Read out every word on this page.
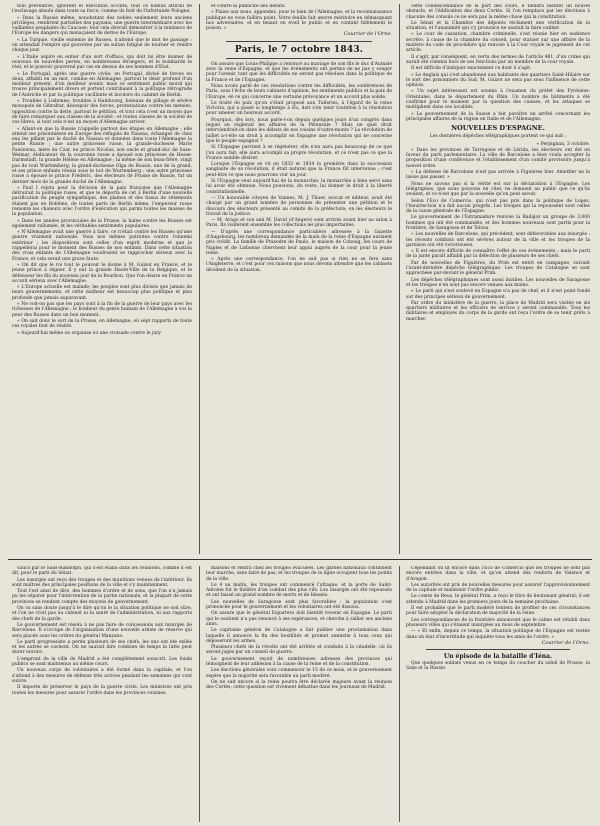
tion préventive, ignorent et exécution occulte, tout ce hideux attirail de l'esclavage absolu dans toute sa force, comme ils font de l'infortunée Pologne.

« Dans la Russie même, nonobstant des nobles seulement leurs anciens priviléges, rendirent partielles des paysans, une guerre intermédiaire avec les vaillantes peuplades du Caucase; tout cela devrait démontrer à la tendance de l'Europe les dangers qui menaçaient de dettes de l'Europe.

« La Turquie, vieille ennemie de Russes, n'attend que le mot de passage : on attendait l'empire qui gouverne par un sultan fatigué de tourner et rendre chaque jour.

« L'Italie aspire en entier d'un sort d'efface, qui doit lui être donner de nouveau de nouvelles pertes, en nombreuses étrangers, et le bombarde le réel, et le pouvoir gouverné par ces en dessus de ses hommes d'Etat.

« Le Portugal, après une guerre civile; en Portugal, divisé de forces en deux, affaibli en un mot, comme en Allemagne, partout le désir profond d'un meilleur présent, d'un meilleur avenir, mais ce sentiment public moral qui trouve principalement divers et portent contribuant à la politique rétrograde de l'Autriche et par la politique vacillante et incolore du cabinet de Berlin.

« Troubles à Lisbonne, troubles à Hambourg, bateaux de pillage et sévère monopole de Gibraltar, désespoir des forces, protestations contre les menées, opposition contre la dette, partout le pétition, et tout cela n'est un moyen que de faire remarquer aux classes de la société : et toutes classes de la société de vos libres, si tout cela n'est un moyen d'Allemagne arriver.

« Allant-on que la Russie n'appelle partout des étapes en Allemagne ; elle attend ses prisonnières en Europe des réfugiés de Nassau, échanges de chez eux les pillant par le duché de Nassau et données dans toute l'Allemagne la petite Russie ; une autre princesse russe, la grande-duchesse Marie Pawlowna, mère du Czar, ne prince Nicolas, son oncle et grand-duc de Saxe-Weimar, Abdicateur de la couronne russe a épousé son princesse de Hesse-Darmstadt, la grande Hélène en Allemagne ; la même de son beau-frère, vingt pas de tout Wurtemberg; la grand-duchesse Olga de Russie, une de la grand, et ses prince enfants réunis sous le toit de Wurtemberg ; une autre princesse russe a épousé le prince Frédéric, des électeurs de Prusse de Russie, fut un dernier mois de la grande duché de l'Allemagne.

« Paul I rejeta pour la décision de la paix française que l'Allemagne détruirait la politique russe, et que le déporta de cet à Berlin d'une nouvelle pacification du peuple sympathique, des plaines et des tissus de vêtements étaient pas en Bohême, de toutes parts de Berlin même, l'empereur russe remonte les chaleurs avec l'ordre d'exécution qui parmi toutes les masses de la population.

« Dans les années provinciales de la Prusse, la haine contre les Russes est également rallumée, et les véritables sentiments populaires.

« N'Allemagne avait une guerre à faire, ce n'était contre les Russes qu'une guerre vraiment nationale. Vous nos mêmes patriotes contre l'ennemi extérieur ; les dispositions sont celles d'un esprit moderne et que je rappellerai pour le moment des Russes de nos enfants. Dans cette situation des vrais enfants de l'Allemagne voudraient se rapprocher sérieux avec la France, et cela serait une grave faute.

« On dit que le roi tout le pouvoir le donne à M. Guizot en France, et le jeune prince à régner. Il y eut la grande Haute-Ville de la Belgique, et le défenseur les fils du nouveau jour de la Bourbon. Que l'on désire en France un accord sérieux avec l'Allemagne.

« L'Europe actuelle est malade; les peuples sont plus divisés que jamais de leurs gouvernements, et cette malheur est beaucoup plus politique et plus profonde que jamais auparavant.

« Ne voit-on pas que les pays sont à la fin de la guerre de leur pays avec les richesses de l'Allemagne ; le bonheur du genre humain de l'Allemagne à vos la peur des Russes dans un bon moment.

« On sait donc le sort de la Prusse, en Allemagne, où sept rapports de toute ces royales font de réalité.

« Aujourd'hui même on organise ici une croisade contre le jury

et contre la publicité des débats.

« Plaise aux nous, appendez, pour le bien de l'Allemagne, et la reconnaissance publique ne vous faillira point. Votre feuille fait œuvre méritoire en démasquant nos adversaires, et en tenant en éveil le public et en contant fidèlement le poison. »

Courrier de l'Orne.
Paris, le 7 octobre 1843.

On assure que Louis-Philippe a renoncé au mariage de son fils le duc d'Aumale avec la reine d'Espagne, et que les événements ont permis de ne pas y songer pour l'avenir, tant que les difficultés ne seront pas résolues dans la politique de la France et de l'Espagne.

Nous avons parlé de ces résolutions contre les difficultés, les conférences de Paris, sous l'écho de leurs cabinets d'opinion, les sentiments publics et la paix de l'Europe, en ce qui concerne une certaine prévoyance et un accord plus solide.

Le traité de paix qu'on s'était proposé aux Tuileries, à l'égard de la reine Victoria, qui a passé si longtemps à Eu, doit s'en tenir toutefois à la résolution pour amener un heureux accord.

Pourquoi, dès lors, nous parle-t-on depuis quelques jours d'un congrès dans lequel on réglerait les affaires de la Péninsule ? Mais ne quel droit interviendrait-on dans les débats de nos voisins d'outre-monts ? La révolution de juillet a-t-elle un droit à accomplir en Espagne une révolution qui ne concerne que le peuple espagnol ?

Si l'Espagne parvient à se régénérer, elle n'en aura pas beaucoup de ce que l'on aura fait; elle aura accompli sa propre révolution, et ce n'est pas ce que la France semble désirer.

Lorsque l'Espagne se vit en 1833 et 1834 la première dans la succession sanglante de sa révolution, il était naturel que la France fût intervenue ; c'est peut-être ce que nous pourrons voir un jour.

Si l'Espagne veut aujourd'hui de la monarchie, la monarchie a bien servi sans lui avoir été obtenue. Nous pouvions, du reste, lui donner le droit à la liberté constitutionnelle.

— Un honorable citoyen de Vannes, M. J. Thuer, avocat et éditeur, avait été chargé par un grand nombre de personnes de présenter une pétition et le discours des électeurs présenté au comité de la préfecture; on les électeurs le travail de la justice.

— M. Arago et son ami M. David (d'Angers) sont arrivés avant hier au salon à Paris. Ils visitèrent ensemble les collections les plus importantes.

— D'après une correspondance particulière adressée à la Gazette d'Augsbourg, les nombreux demandés de la main de la reine d'Espagne auraient pris crédit. La famille de Praxedre de Paulo, le maison de Coboug, les cours de Naples et de Lisbonne cherchent leur appui auprès de la cour pour la jeune reine.

« Après une correspondance, l'on ne sait pas si rien ne se fera sans l'Angleterre, et c'est pour ces raisons que nous devons attendre que les cabinets décident de la situation.

cette condescendance de la part des cours, il tiendra bientôt un nouvel obstacle, et l'édification des deux Cortès. Si l'on remplace par les élections à chacune des consuls ce ne sera pas la même chose qui la constitution.

Le Sénat et la Chambre des députés réclament une vérification de la situation, et l'unanimité qui s'y prononce ne saurait la faire oublier.

« Le cour de cassation, chambre criminelle, s'est réunie hier en audience secrète, à cause de la chambre du conseil, pour statuer sur une affaire de la matière du code de procédure qui renvoie à la Cour royale le jugement de cet article.

Il s'agit, par conséquent, en vertu des termes de l'article 481, d'un crime qui aurait été commis hors de ses fonctions par un membre de la cour royale.

Il est difficile d'indiquer exactement ce dont il s'agit.

« Le Anglais qui s'est abandonné aux habitants des quartiers Saint-Hilaire sur le sort des prisonniers du Sud, M. Guizot ne sera pas sous l'influence de cette opinion.

« Un sujet intéressant est soumis à l'examen du préfet des Pyrénées-Orientales, dans le département du Rhin. Un nombre de bâtiments a été confirmé pour le moment par la question des caisses, et les attaques se multiplient dans ces localités.

« Le gouvernement de la Suisse a fait paraître un arrêté concernant les principales affaires de la région en Italie et de l'Allemagne.

NOUVELLES D'ESPAGNE.
Les dernières dépêches télégraphiques portent ce qui suit :

« Perpignan, 3 octobre.

« Dans les provinces de Tarragone et de Lérida, les électeurs ont été en faveur du parti parlementaire. La ville de Barcelone a bien voulu accepter la proposition d'une conférence et l'établissement d'un comité provisoire jusqu'à nouvel ordre.

« La défense de Barcelone n'est pas arrivée à Figuières hier. Amettler ne la laisse pas passer. »

Nous ne savons pas si la vérité est sur la déclaration à l'Espagne. Les télégraphes, que nous pouvons en citer, ne donnent au public que ce qu'ils veulent, et ce n'est que par la nouvelle qu'on peut savoir.

Selon l'Eco de Comercio, qui n'est pas pris dans la politique de Lopez, l'insurrection n'a fait aucun progrès. Les troupes qui la repoussent sont celles de la cause générale de l'Espagne.

Le gouvernement de l'Estramadure renvoie la Badajoz un groupe de 3,000 hommes qui ont été commandés, et des hommes nouveaux sont partis pour la frontière, de Saragosse et de Tolosa.

« Les nouvelles de Barcelone, qui précèdent, sont défavorables aux insurgés : les récents combats ont été sévères autour de la ville et les troupes de la garnison ont été victorieuses.

« Il est encore difficile de connaître l'effet de ces événements ; mais le parti de la junte paraît affaibli par la défection de plusieurs de ses chefs.

Par de nouvelles de Figuières, du Prim est entré en campagne, suivant l'avant-dernière dépêche télégraphique. Les troupes de Catalogne se sont approchées par-devant le général Prim.

Les dépêches télégraphiques sont aussi inutiles. Les nouvelles de Saragosse et les troupes n'en sont pas encore venues aux mains.

« Le parti qui s'est soulevé en Espagne n'a pas de chef, et il n'est point fondé sur des principes sérieux de gouvernement.

Par ordre du ministère de la guerre, la place de Madrid sera visitée en six quartiers militaires et les officiers de service y seront commandés. Tous les militaires et employés du corps de la garde ont reçu l'ordre de se tenir prêts à marcher.

vaucs par le Sans-Randolph, qui s'est établi dans les réunions, comme il est dit, pour le parti du Sénat.

Les insurgés ont reçu des troupes et des munitions venues de l'intérieur. Ils sont maîtres des principales positions de la ville et s'y maintiennent.

Tout l'est ainsi de dire, des hommes d'ordre et de sens, que l'on n'a jamais pu les séparer pour l'intervention de la partie nationale, et la plupart de cette provinces se rendent compte des moyens de gouvernement.

On va sans doute jusqu'à le dire qu'on le la situation politique ne soit sûre, et l'on ne croit pas au cabinet ni la santé de l'administration, ni aux rapports des chefs de la garde.

Le gouvernement est résolu à ne pas faire de concessions aux insurgés de Barcelone. Il s'occupe de l'organisation d'une nouvelle armée de réserve qui sera placée sous les ordres du général Manzano.

Le parti progressiste a perdu plusieurs de ses chefs; les uns ont été exilés et les autres se cachent. On ne saurait dire combien de temps la lutte peut durer encore.

L'emprunt de la ville de Madrid a été complètement souscrit. Les fonds publics se sont maintenus au même cours.

Un nouveau corps de volontaires a été formé dans la capitale, et l'on s'attend à des mesures de défense très actives pendant les semaines qui vont suivre.

Il importe de préserver le pays de la guerre civile. Les ministres ont pris toutes les mesures pour assurer l'ordre dans les provinces voisines.

maisons et rentra chez les troupes évacuées. Les gardes nationaux continuent leur marche, sans faire de pas, et les troupes de la ligne occupent tous les points de la ville.

Le 4 au matin, les troupes ont commencé l'attaque, et la porte de Saint-Antoine fut le théâtre d'un combat des plus vifs. Les insurgés ont été repoussés et ont laissé un grand nombre de morts et de blessés.

Les nouvelles de Saragosse sont plus favorables ; la population s'est prononcée pour le gouvernement et les volontaires ont été dissous.

On assure que le général Espartero doit bientôt revenir en Espagne. Le parti qui le soutient n'a pas renoncé à ses espérances, et cherche à rallier ses anciens amis.

Le capitaine général de Catalogne a fait publier une proclamation dans laquelle il annonce la fin des hostilités et promet amnistie à tous ceux qui déposeront les armes.

Plusieurs chefs de la révolte ont été arrêtés et conduits à la citadelle, où ils seront jugés par un conseil de guerre.

Le gouvernement reçoit de nombreuses adresses des provinces qui témoignent de leur adhésion à la cause de la reine et de la constitution.

Les élections générales vont commencer le 15 de ce mois, et le gouvernement espère que la majorité sera favorable au parti modéré.

On ne sait encore si la reine pourra être déclarée majeure avant la réunion des Cortès; cette question est vivement débattue dans les journaux de Madrid.

Cependant on lit encore dans l'Eco de Comercio que les troupes ne sont pas encore entrées dans la ville, et qu'on attend des renforts de Valence et d'Aragon.

Les autorités ont pris de nouvelles mesures pour assurer l'approvisionnement de la capitale et maintenir l'ordre public.

Le comte de Reus, le général Prim, a reçu le titre de lieutenant général; il est attendu à Madrid dans les premiers jours de la semaine prochaine.

Il est probable que le parti modéré tentera de profiter de ces circonstances pour faire adopter la déclaration de majorité de la reine.

Les correspondances de la frontière annoncent que le calme est rétabli dans plusieurs villes qui s'étaient insurgées au mois de septembre.

— « Et enfin, depuis ce temps, la situation politique de l'Espagne est restée dans un état d'incertitude qui inquiète tous les amis de l'ordre. »

Courrier de l'Orne.
Un épisode de la bataille d'Iéna.

Que quelques soldats venus en ce temps du coucher du soleil de Prusse, la Saxe et la Russie.
